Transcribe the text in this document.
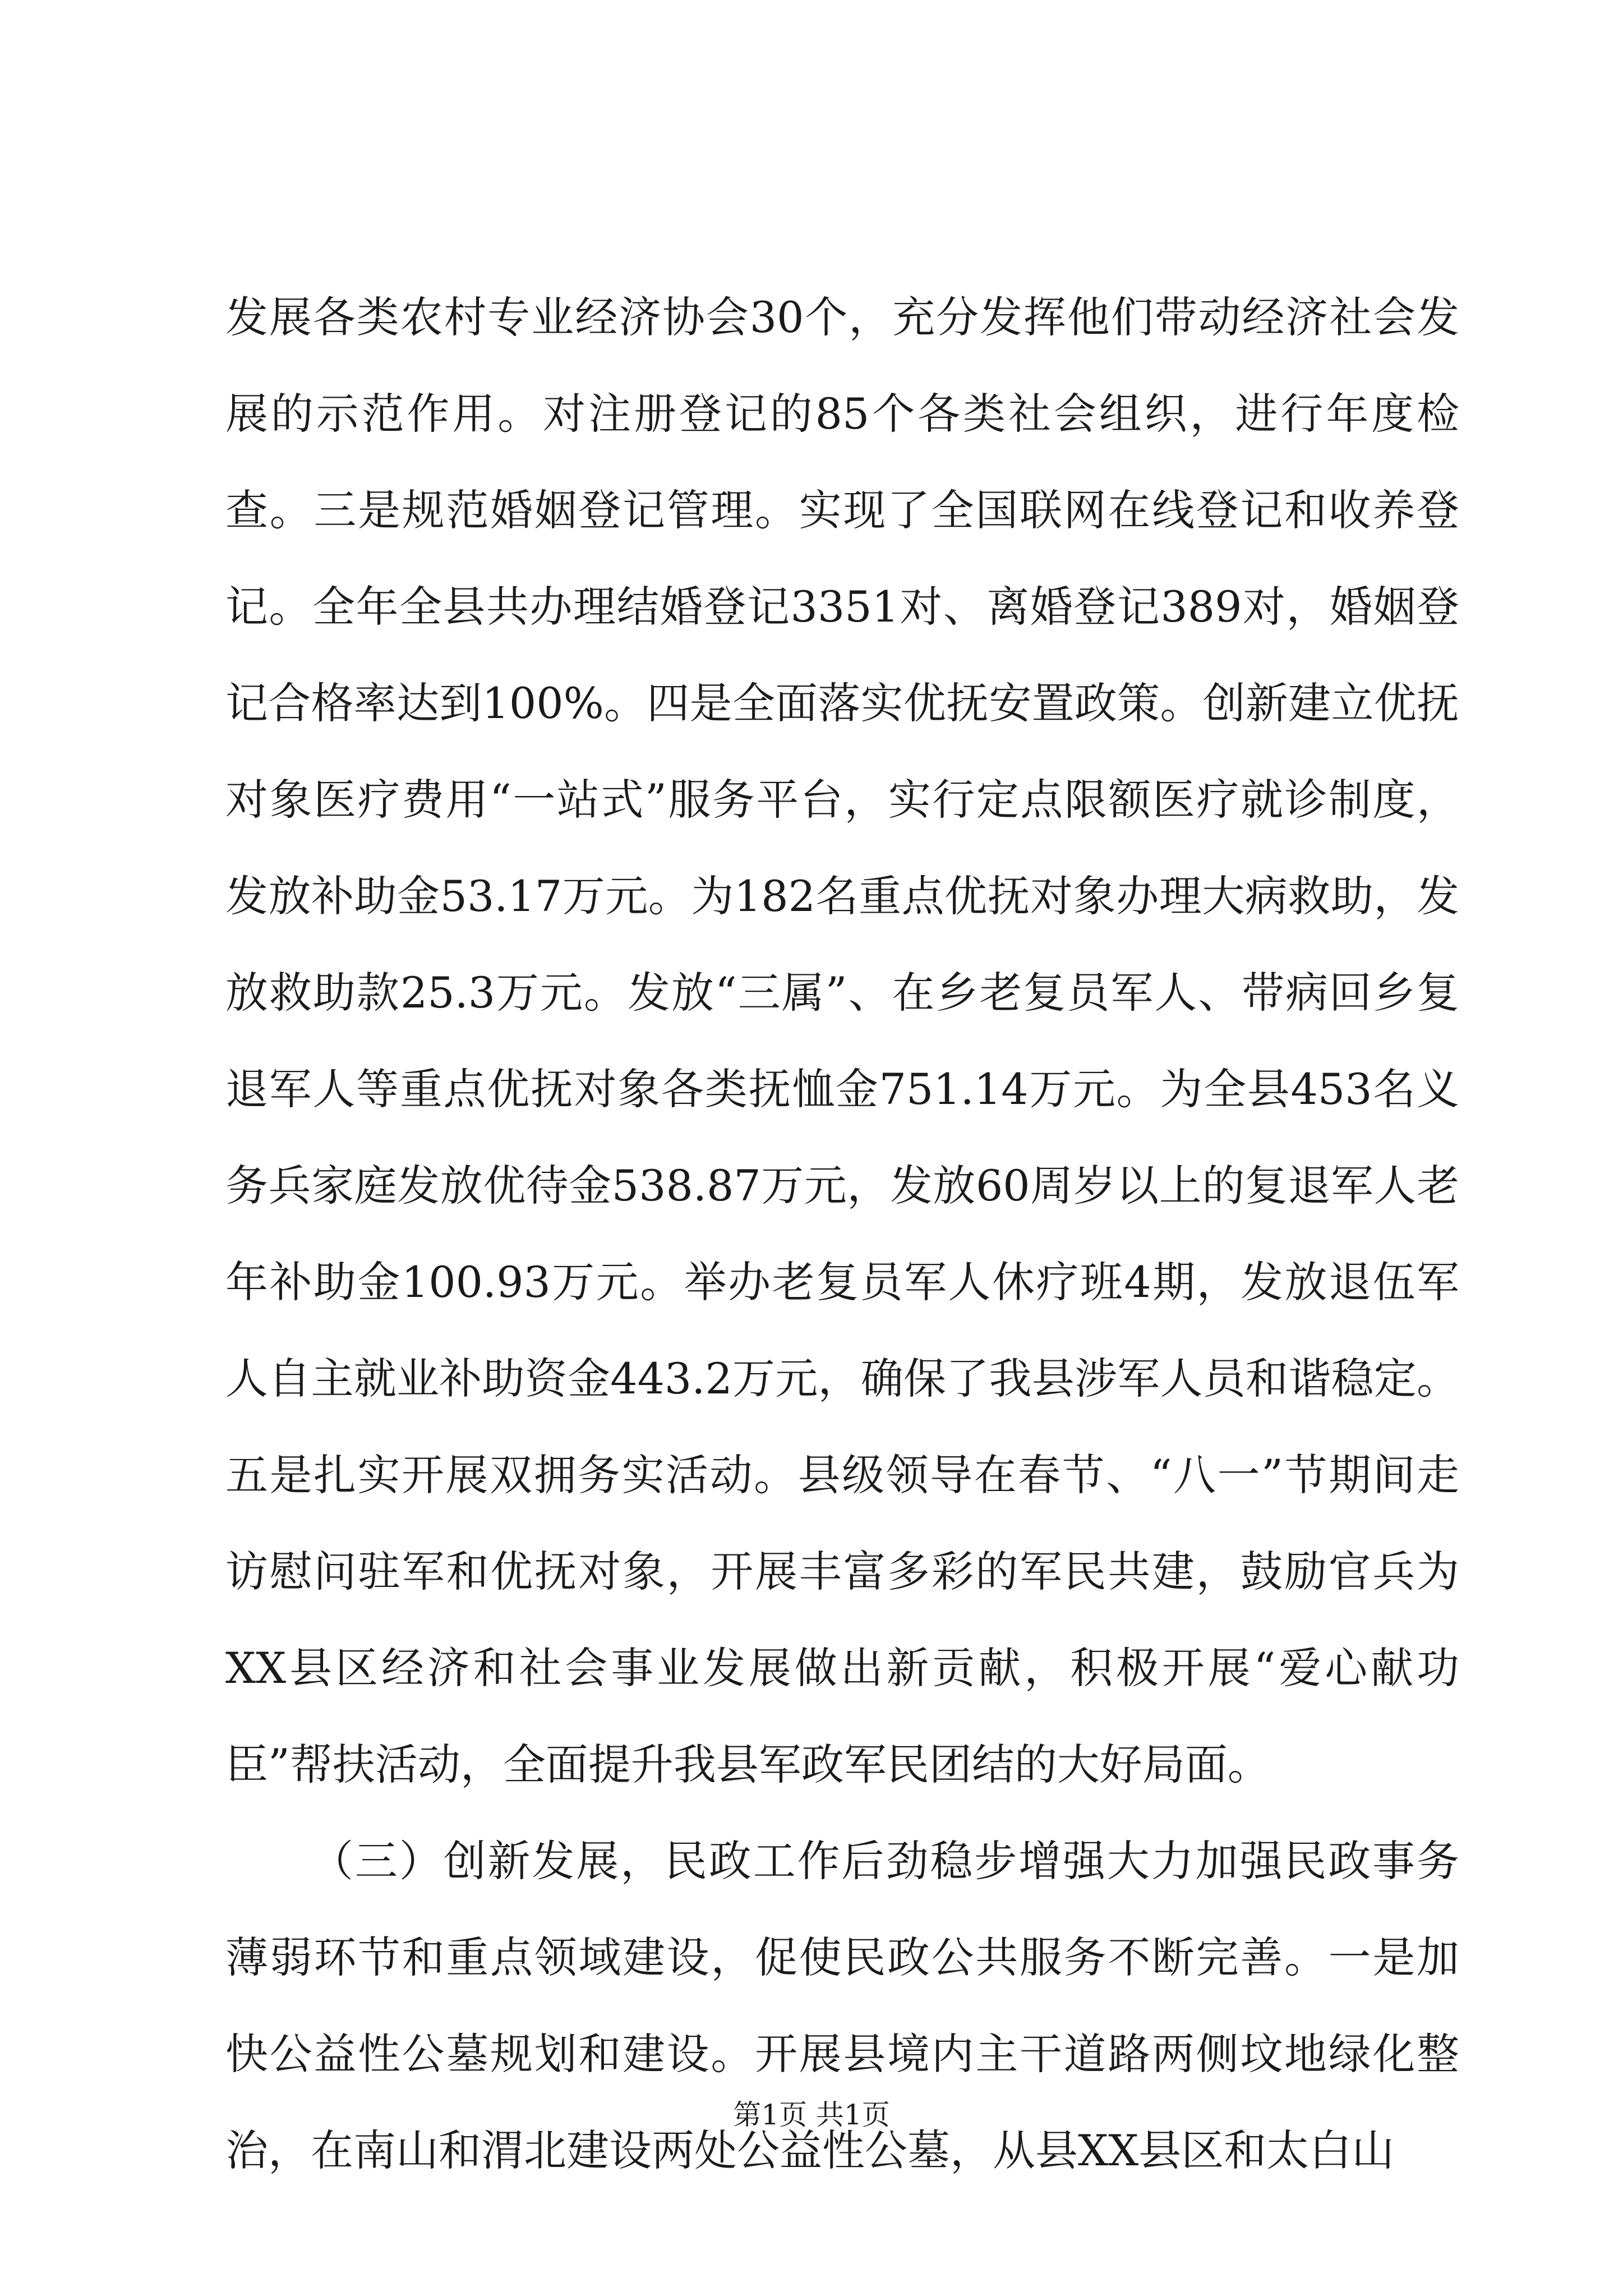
发展各类农村专业经济协会30个，充分发挥他们带动经济社会发展的示范作用。对注册登记的85个各类社会组织，进行年度检查。三是规范婚姻登记管理。实现了全国联网在线登记和收养登记。全年全县共办理结婚登记3351对、离婚登记389对，婚姻登记合格率达到100%。四是全面落实优抚安置政策。创新建立优抚对象医疗费用“一站式”服务平台，实行定点限额医疗就诊制度，发放补助金53.17万元。为182名重点优抚对象办理大病救助，发放救助款25.3万元。发放“三属”、在乡老复员军人、带病回乡复退军人等重点优抚对象各类抚恤金751.14万元。为全县453名义务兵家庭发放优待金538.87万元，发放60周岁以上的复退军人老年补助金100.93万元。举办老复员军人休疗班4期，发放退伍军人自主就业补助资金443.2万元，确保了我县涉军人员和谐稳定。五是扎实开展双拥务实活动。县级领导在春节、“八一”节期间走访慰问驻军和优抚对象，开展丰富多彩的军民共建，鼓励官兵为XX县区经济和社会事业发展做出新贡献，积极开展“爱心献功臣”帮扶活动，全面提升我县军政军民团结的大好局面。

（三）创新发展，民政工作后劲稳步增强大力加强民政事务薄弱环节和重点领域建设，促使民政公共服务不断完善。一是加快公益性公墓规划和建设。开展县境内主干道路两侧坟地绿化整治，在南山和渭北建设两处公益性公墓，从县XX县区和太白山

第1页 共1页
